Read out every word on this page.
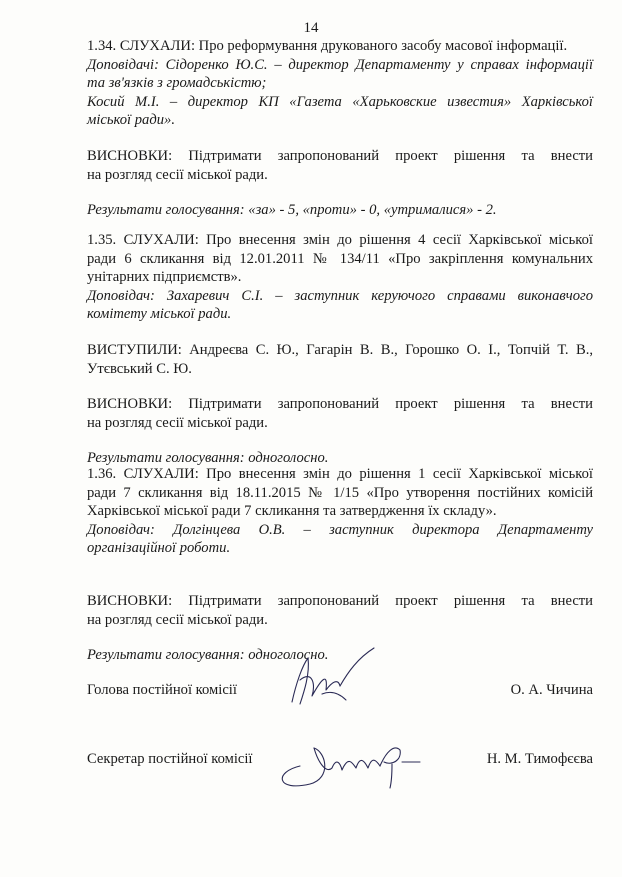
14

1.34. СЛУХАЛИ: Про реформування друкованого засобу масової інформації.

Доповідачі: Сідоренко Ю.С. – директор Департаменту у справах інформації

та зв'язків з громадськістю;

Косий М.І. – директор КП «Газета «Харьковские известия» Харківської

міської ради».

ВИСНОВКИ: Підтримати запропонований проект рішення та внести

на розгляд сесії міської ради.

Результати голосування: «за» - 5, «проти» - 0, «утрималися» - 2.

1.35. СЛУХАЛИ: Про внесення змін до рішення 4 сесії Харківської міської

ради 6 скликання від 12.01.2011 № 134/11 «Про закріплення комунальних

унітарних підприємств».

Доповідач: Захаревич С.І. – заступник керуючого справами виконавчого

комітету міської ради.

ВИСТУПИЛИ: Андреєва С. Ю., Гагарін В. В., Горошко О. І., Топчій Т. В.,

Утєвський С. Ю.

ВИСНОВКИ: Підтримати запропонований проект рішення та внести

на розгляд сесії міської ради.

Результати голосування: одноголосно.

1.36. СЛУХАЛИ: Про внесення змін до рішення 1 сесії Харківської міської

ради 7 скликання від 18.11.2015 № 1/15 «Про утворення постійних комісій

Харківської міської ради 7 скликання та затвердження їх складу».

Доповідач: Долгінцева О.В. – заступник директора Департаменту

організаційної роботи.

ВИСНОВКИ: Підтримати запропонований проект рішення та внести

на розгляд сесії міської ради.

Результати голосування: одноголосно.

Голова постійної комісії	О. А. Чичина
Секретар постійної комісії	Н. М. Тимофєєва
